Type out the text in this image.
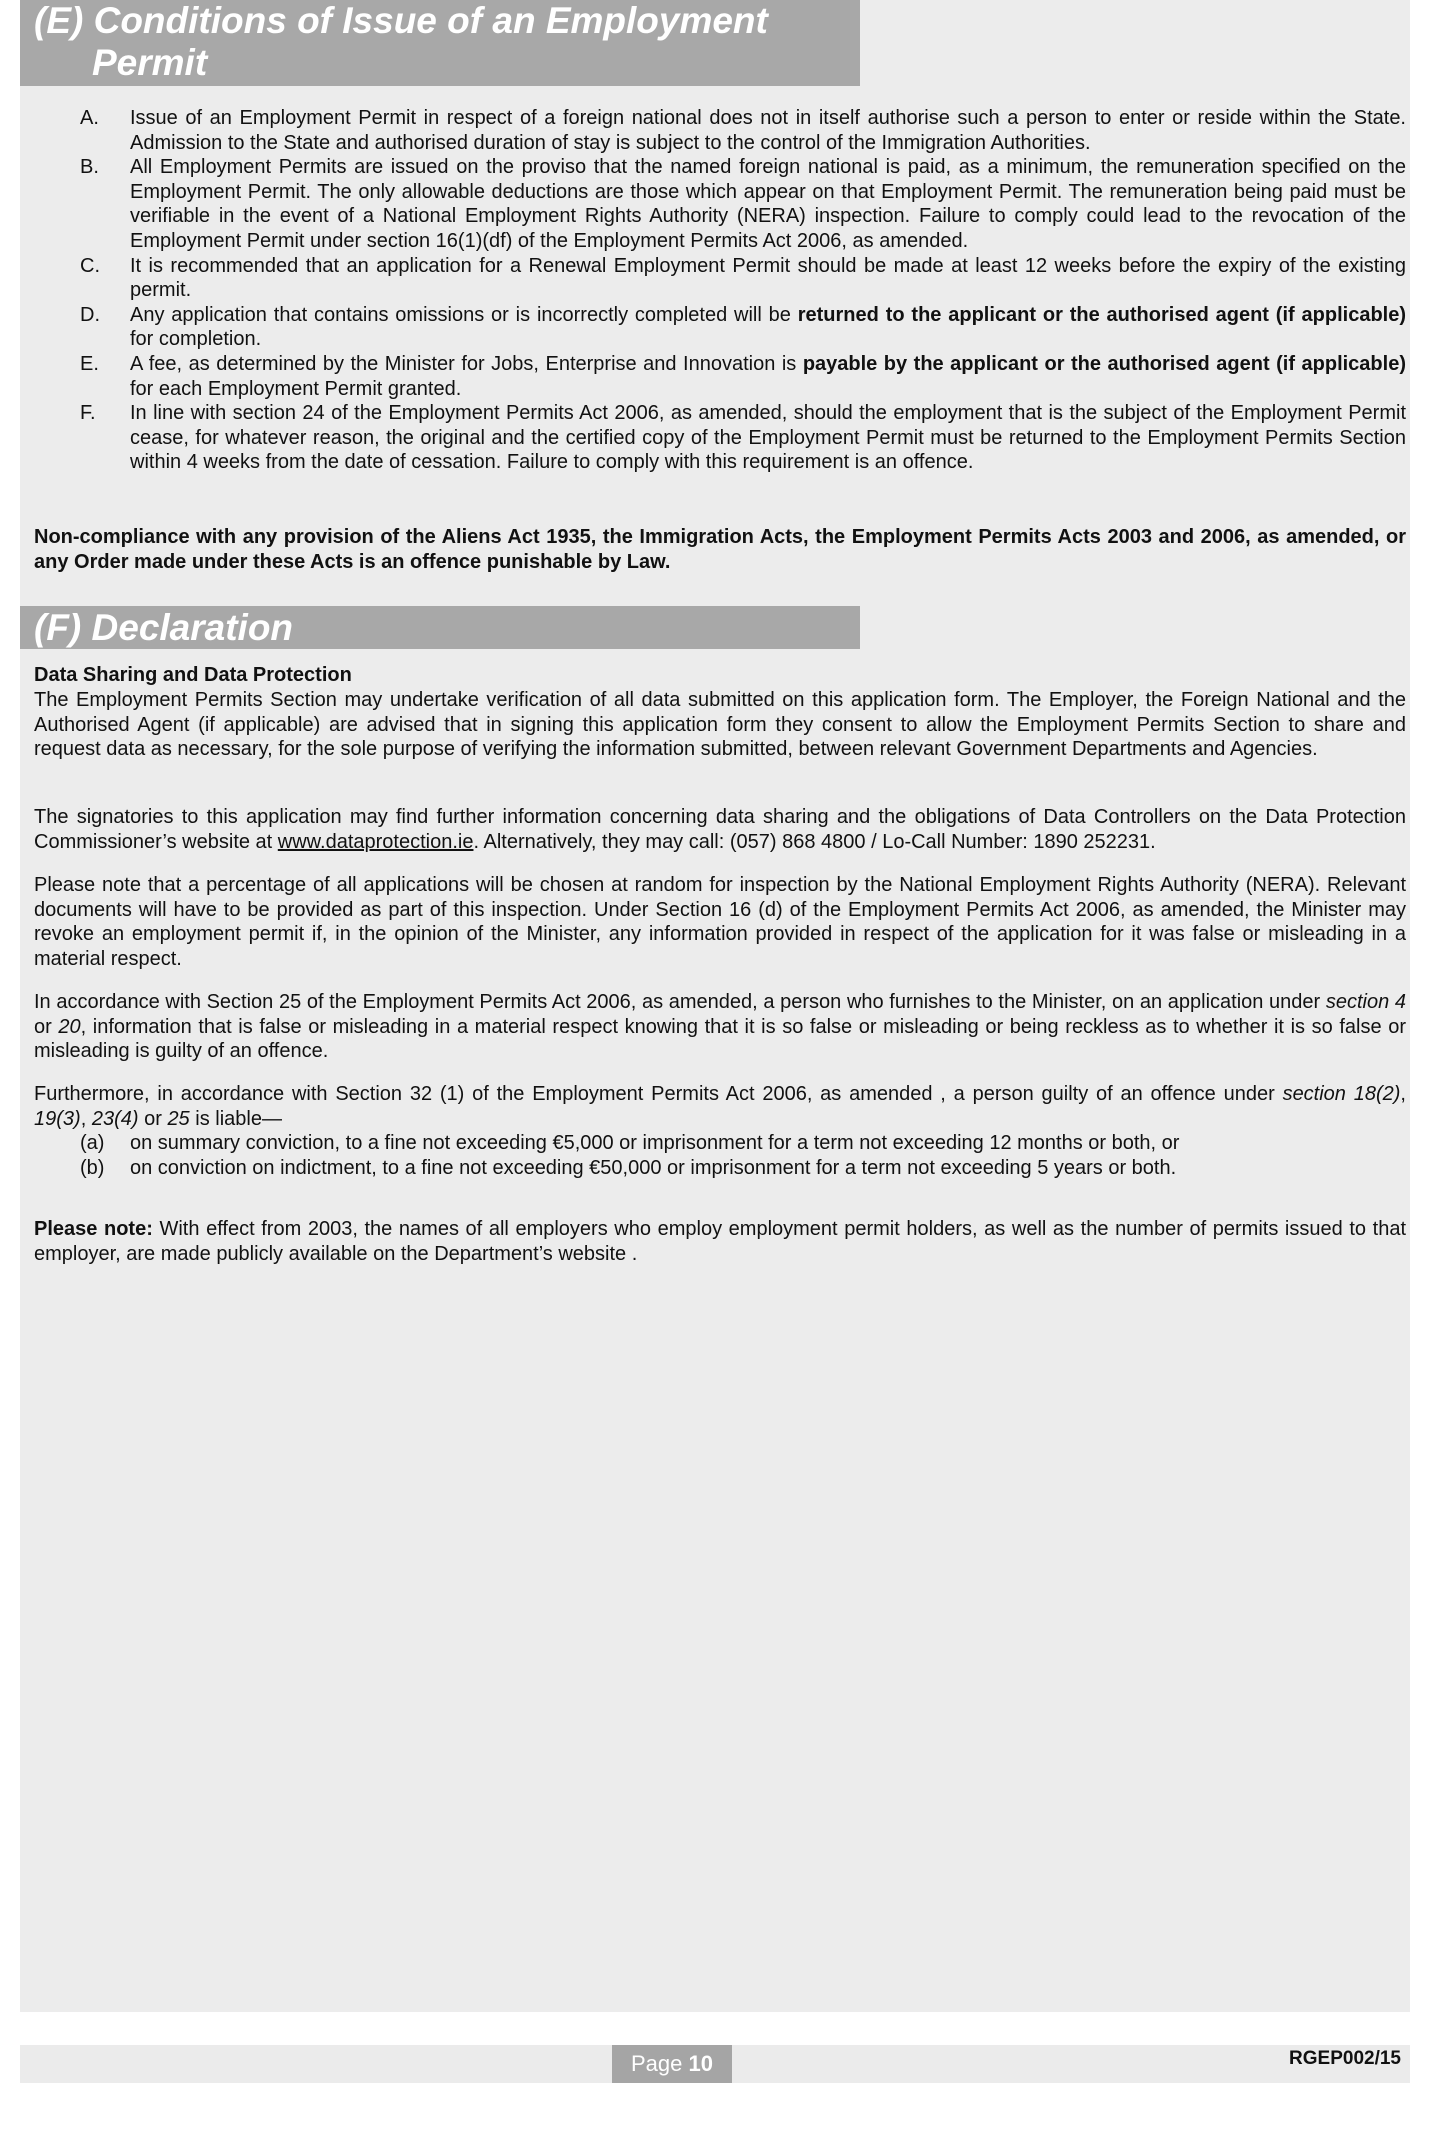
(E) Conditions of Issue of an Employment
Permit
A.	Issue of an Employment Permit in respect of a foreign national does not in itself authorise such a person to enter or reside within the State. Admission to the State and authorised duration of stay is subject to the control of the Immigration Authorities.
B.	All Employment Permits are issued on the proviso that the named foreign national is paid, as a minimum, the remuneration specified on the Employment Permit. The only allowable deductions are those which appear on that Employment Permit. The remuneration being paid must be verifiable in the event of a National Employment Rights Authority (NERA) inspection. Failure to comply could lead to the revocation of the Employment Permit under section 16(1)(df) of the Employment Permits Act 2006, as amended.
C.	It is recommended that an application for a Renewal Employment Permit should be made at least 12 weeks before the expiry of the existing permit.
D.	Any application that contains omissions or is incorrectly completed will be returned to the applicant or the authorised agent (if applicable) for completion.
E.	A fee, as determined by the Minister for Jobs, Enterprise and Innovation is payable by the applicant or the authorised agent (if applicable) for each Employment Permit granted.
F.	In line with section 24 of the Employment Permits Act 2006, as amended, should the employment that is the subject of the Employment Permit cease, for whatever reason, the original and the certified copy of the Employment Permit must be returned to the Employment Permits Section within 4 weeks from the date of cessation. Failure to comply with this requirement is an offence.
Non-compliance with any provision of the Aliens Act 1935, the Immigration Acts, the Employment Permits Acts 2003 and 2006, as amended, or any Order made under these Acts is an offence punishable by Law.
(F) Declaration
Data Sharing and Data Protection
The Employment Permits Section may undertake verification of all data submitted on this application form. The Employer, the Foreign National and the Authorised Agent (if applicable) are advised that in signing this application form they consent to allow the Employment Permits Section to share and request data as necessary, for the sole purpose of verifying the information submitted, between relevant Government Departments and Agencies.
The signatories to this application may find further information concerning data sharing and the obligations of Data Controllers on the Data Protection Commissioner’s website at www.dataprotection.ie. Alternatively, they may call: (057) 868 4800 / Lo-Call Number: 1890 252231.
Please note that a percentage of all applications will be chosen at random for inspection by the National Employment Rights Authority (NERA). Relevant documents will have to be provided as part of this inspection. Under Section 16 (d) of the Employment Permits Act 2006, as amended, the Minister may revoke an employment permit if, in the opinion of the Minister, any information provided in respect of the application for it was false or misleading in a material respect.
In accordance with Section 25 of the Employment Permits Act 2006, as amended, a person who furnishes to the Minister, on an application under section 4 or 20, information that is false or misleading in a material respect knowing that it is so false or misleading or being reckless as to whether it is so false or misleading is guilty of an offence.
Furthermore, in accordance with Section 32 (1) of the Employment Permits Act 2006, as amended , a person guilty of an offence under section 18(2), 19(3), 23(4) or 25 is liable—
(a)	on summary conviction, to a fine not exceeding €5,000 or imprisonment for a term not exceeding 12 months or both, or
(b)	on conviction on indictment, to a fine not exceeding €50,000 or imprisonment for a term not exceeding 5 years or both.
Please note: With effect from 2003, the names of all employers who employ employment permit holders, as well as the number of permits issued to that employer, are made publicly available on the Department’s website .
Page 10	RGEP002/15
